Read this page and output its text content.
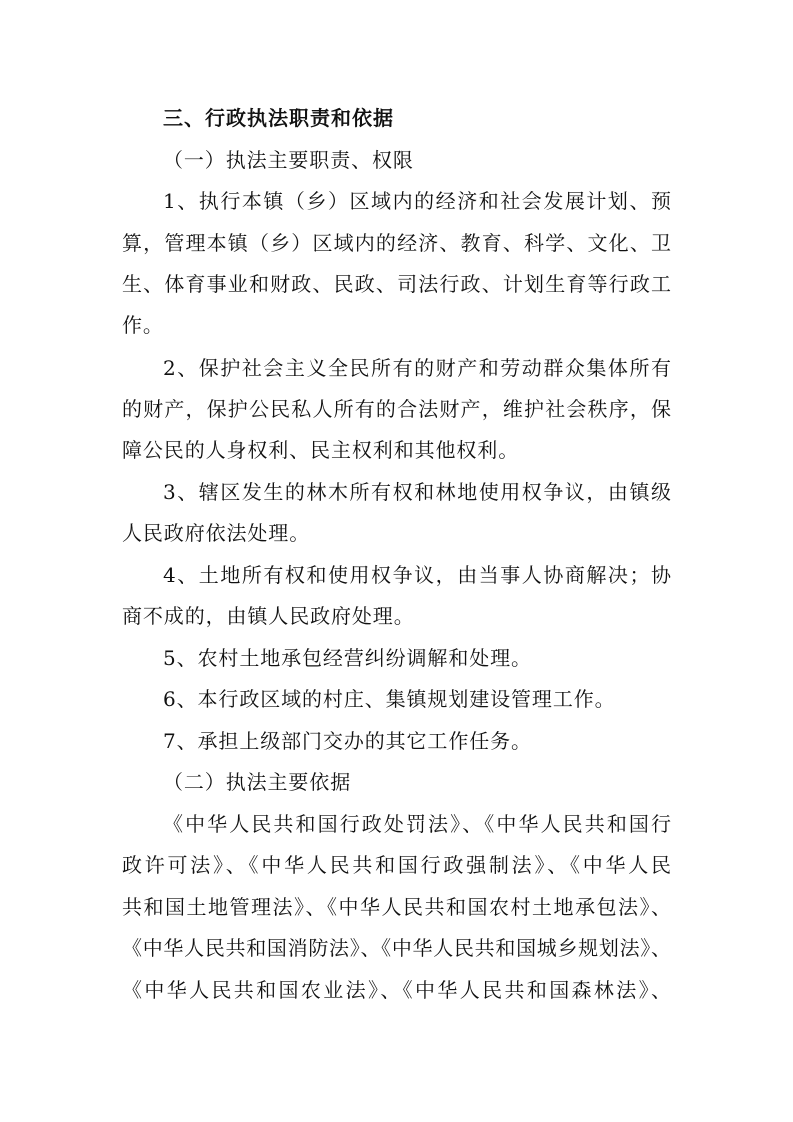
三、行政执法职责和依据
（一）执法主要职责、权限
1、执行本镇（乡）区域内的经济和社会发展计划、预
算，管理本镇（乡）区域内的经济、教育、科学、文化、卫
生、体育事业和财政、民政、司法行政、计划生育等行政工
作。
2、保护社会主义全民所有的财产和劳动群众集体所有
的财产，保护公民私人所有的合法财产，维护社会秩序，保
障公民的人身权利、民主权利和其他权利。
3、辖区发生的林木所有权和林地使用权争议，由镇级
人民政府依法处理。
4、土地所有权和使用权争议，由当事人协商解决；协
商不成的，由镇人民政府处理。
5、农村土地承包经营纠纷调解和处理。
6、本行政区域的村庄、集镇规划建设管理工作。
7、承担上级部门交办的其它工作任务。
（二）执法主要依据
《中华人民共和国行政处罚法》、《中华人民共和国行
政许可法》、《中华人民共和国行政强制法》、《中华人民
共和国土地管理法》、《中华人民共和国农村土地承包法》、
《中华人民共和国消防法》、《中华人民共和国城乡规划法》、
《中华人民共和国农业法》、《中华人民共和国森林法》、
